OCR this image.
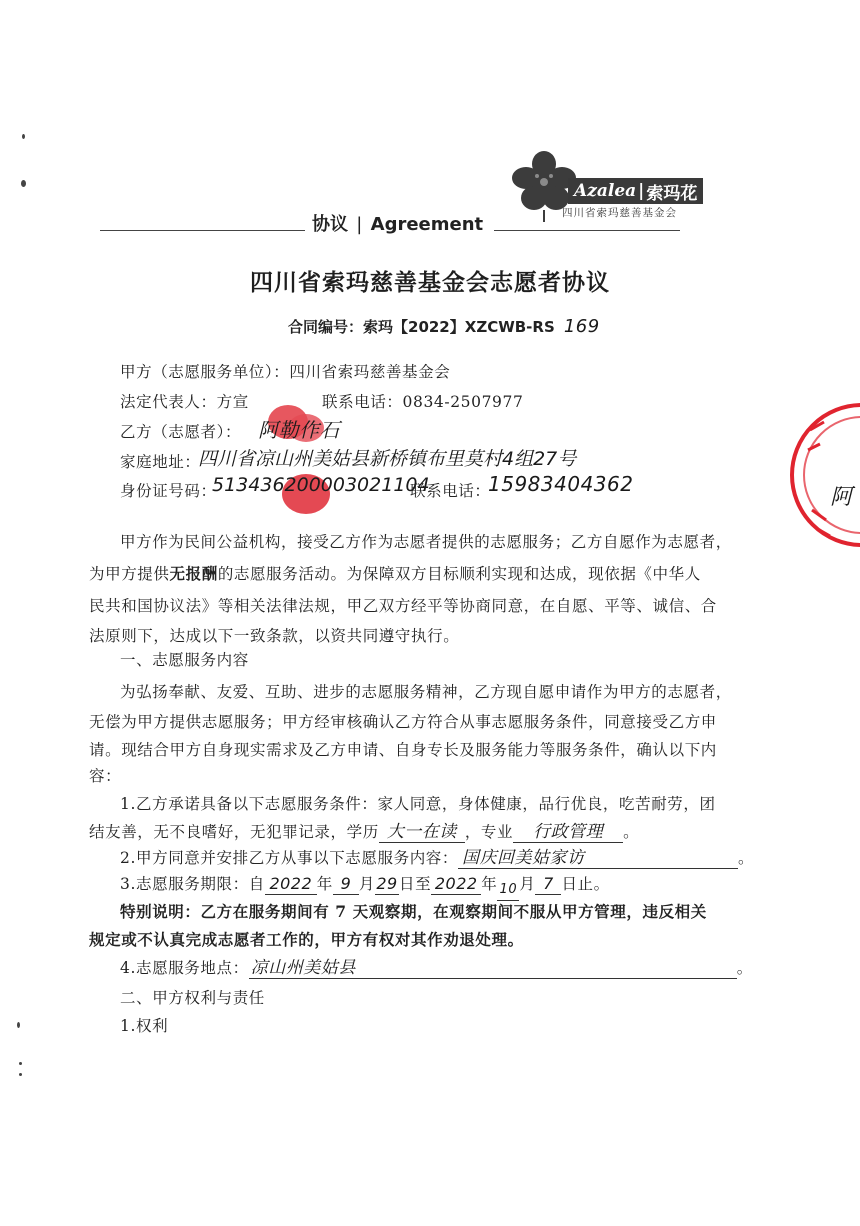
Azalea | 索玛花
四川省索玛慈善基金会
协议 | Agreement
四川省索玛慈善基金会志愿者协议
合同编号：索玛【2022】XZCWB-RS 169
甲方（志愿服务单位）：四川省索玛慈善基金会
法定代表人：方宣	联系电话：0834-2507977
乙方（志愿者）： 阿勒作石
家庭地址：
四川省凉山州美姑县新桥镇布里莫村4组27号
身份证号码：
513436200003021104
联系电话：
15983404362
阿
甲方作为民间公益机构，接受乙方作为志愿者提供的志愿服务；乙方自愿作为志愿者，
为甲方提供无报酬的志愿服务活动。为保障双方目标顺利实现和达成，现依据《中华人
民共和国协议法》等相关法律法规，甲乙双方经平等协商同意，在自愿、平等、诚信、合
法原则下，达成以下一致条款，以资共同遵守执行。
一、志愿服务内容
为弘扬奉献、友爱、互助、进步的志愿服务精神，乙方现自愿申请作为甲方的志愿者，
无偿为甲方提供志愿服务；甲方经审核确认乙方符合从事志愿服务条件，同意接受乙方申
请。现结合甲方自身现实需求及乙方申请、自身专长及服务能力等服务条件，确认以下内
容：
1.乙方承诺具备以下志愿服务条件：家人同意，身体健康，品行优良，吃苦耐劳，团
结友善，无不良嗜好，无犯罪记录，学历 大一在读 ，专业 行政管理 。
2.甲方同意并安排乙方从事以下志愿服务内容： 国庆回美姑家访	。
3.志愿服务期限：自 2022 年 9 月29日至 2022 年 10 月 7 日止。
特别说明：乙方在服务期间有 7 天观察期，在观察期间不服从甲方管理，违反相关
规定或不认真完成志愿者工作的，甲方有权对其作劝退处理。
4.志愿服务地点： 凉山州美姑县	。
二、甲方权利与责任
1.权利
